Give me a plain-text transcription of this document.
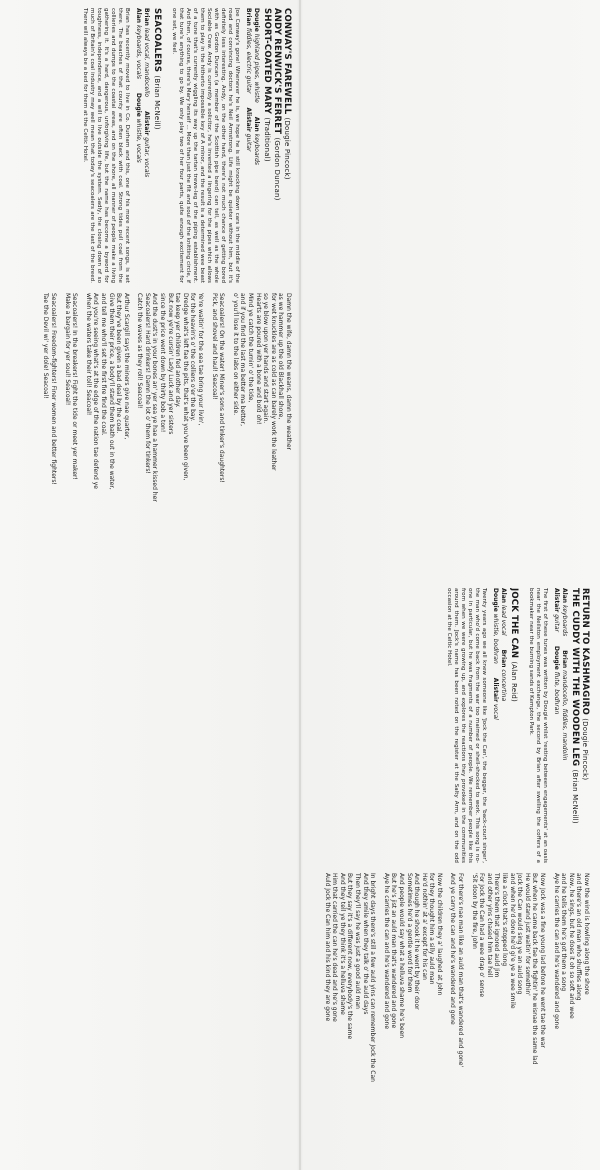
CONWAY'S FAREWELL (Dougie Pincock)
ANDY RENWICK'S FERRET (Gordon Duncan)
SHORT-COATED MARY (Traditional)
Dougie highland pipes, whistleAlan keyboards
Brian fiddles, electric guitarAlistair guitar

Joe Conway's gone! Whenever he is, we hope he is still knocking down cars in the middle of the road and convincing doctors he's Neil Armstrong. Life might be quieter without him, but it's definitely less interesting. Andy, on the other hand, there's not much chance of getting bored with as Gordon Duncan (a member of the Scottish pipe band) can tell, as well as the whole Sociable Crew. Andy is currently a solicitor, he's invented a lingering for the pipes which allows them to play in the hitherto impossible key of A minor, and the result is a determined wee beast of a tune that's currently wiggling its way up the tartan trews-leg of the piping establishment. And then, of course, there's Mary herself ... More than just the flit and soul of the knitting circle, if that tune's anything to go by. We only play two of her four parts, quite enough excitement for one set, we feel.

SEACOALERS (Brian McNeill)
Brian lead vocal, mandocelloAlistair guitar, vocals
Alan keyboards, vocalsDougie whistle, vocals

Brian has recently moved to live in Co. Durham and this, one of his more recent songs, is set there. The beaches of that county are often black with coal. Strong tides pull coal from the collieries and dumps to the coastal areas, and on the shore, all manner of people make a living gathering it. It's a hard, dangerous, unforgiving life, but the name has become a byword for toughness, independence, and a will to live outside the system. Sadly, the closing down of so much of Britain's coal industry may well mean that today's seacoalers are the last of the breed. There will always be a bed for them at the Celtic Hotel.

Damn the wife, damn the weans, damn the weather
as we hammer up the old Blackhall shore,
for wet knuckles are as cold as can barely work the leather
so ye blow upon yer hands and start again.
Hearts are poured with a bone and bold oh!
Mind ye catch the turnin' o' the tide,
and if you find the last ma better ma better,
o' you'll lose it to the labs on either side.
Seacoalers! On the water! Miner's sons and tinker's daughters!
Pick, and shovel and haul! Seacoal!
Ye're waitin' for the sea tae bring your livin',
for the heavin's o' the colliers o'er the bay.
Dredge what's left fae the pits, that's what you've been given,
tae keep yer children fed another day.
But now ye're cursin' Lady Luck and yer sisters
since the price went down by thirty bob a ton!
And the dust's in your bones an' yer sea ye hae a hammer kissed her
Seacoalers! Hard drinkers! Damn the lot o' them for tinkers!
Catch the waves as they roll! Seacoal!
Arthur Scargill says the miners give nae quarter,
But they've been given a bad deal by the coal.
Give them their price, a body'll stand them bath out in the water,
and tell me who'll set the first fire find the coal.
And you're seeing what's at the edge of the nation tae defend ye
when the waters take their toll! Seacoal!
Seacoalers! In the breakers! Fight the tide or meet yer maker!
Make a bargain for yer soul! Seacoal!
Seacoalers! Freedom-fighters! Finer women and better fighters!
Tae the Devil wi' yer dole! Seacoal!
RETURN TO KASHMAGIRO (Dougie Pincock)
THE CUDDY WITH THE WOODEN LEG (Brian McNeill)
Alan keyboardsBrian mandocello, fiddles, mandolin
Alistair guitarDougie flute, bodhran

The first of these tunes was written by Dougie whilst 'resting between engagements' at an oasis near the Neilston employment exchange, the second by Brian after swelling the coffers of a bookmaker near the burning sands of Kempton Park.

JOCK THE CAN (Alan Reid)
Alan lead vocalBrian concertina
Dougie whistle, bodhranAlistair vocal

Twenty years ago we all knew someone like 'Jock the Can', the beggar, the 'back-court singer', the man who'd come back from the war too maimed or shell-shocked to work. This song is no-one in particular, but he was fragments of a number of people. We remember people like this from when we were growing up, and explores the reactions they provoked in the communities around them. Jock's name has been noted on the register at the Salty Arm, and on the odd occasion at the Celtic Hotel.

Now the wind is howling along the shore
and there's an old man who shuffles along
Now, he sings, but he does it oh so soft and wee
and he tells them he's got them a song
Aye he carries the can and he's wandered and gone
Now Jock was a fine young lad before he went tae the war
But when he came back fae the fightin' he wisnae the same lad
He would stand just waitin' for somethin'
Jock the Can would sing ye an auld song
and when he'd done he'd gi'e ye a wee smile
like a clock that's stopped long
There's them that ignored auld Jim
and other yins chased him tae hell
For Jock the Can had a wee drap o' sense
'Sit doon by the fire, John
For there's nae man like an auld man that's wandered and gone'
And ye carry the can and he's wandered and gone
Now the children they a' laughed at John
for they thought him a silly auld man
He'd nothin' at a' except for his can
And though he shook it he went by their door
Sometimes he'd a gentle word for them
And people would say what a helluva shame he's been
But he's jist an auld man that's wandered and gone
Aye he carries the can and he's wandered and gone
In bright days there's still a few auld yins can remember Jock the Can
And they smile when they talk o' the auld days
Then they'll say he was just a good auld man
But they say it's a different now, everybody's the same
And they tell ye they think it's a helluva shame
Him that carried the can he's dead and he's gone
Auld Jock the Can him and his kind they are gone
